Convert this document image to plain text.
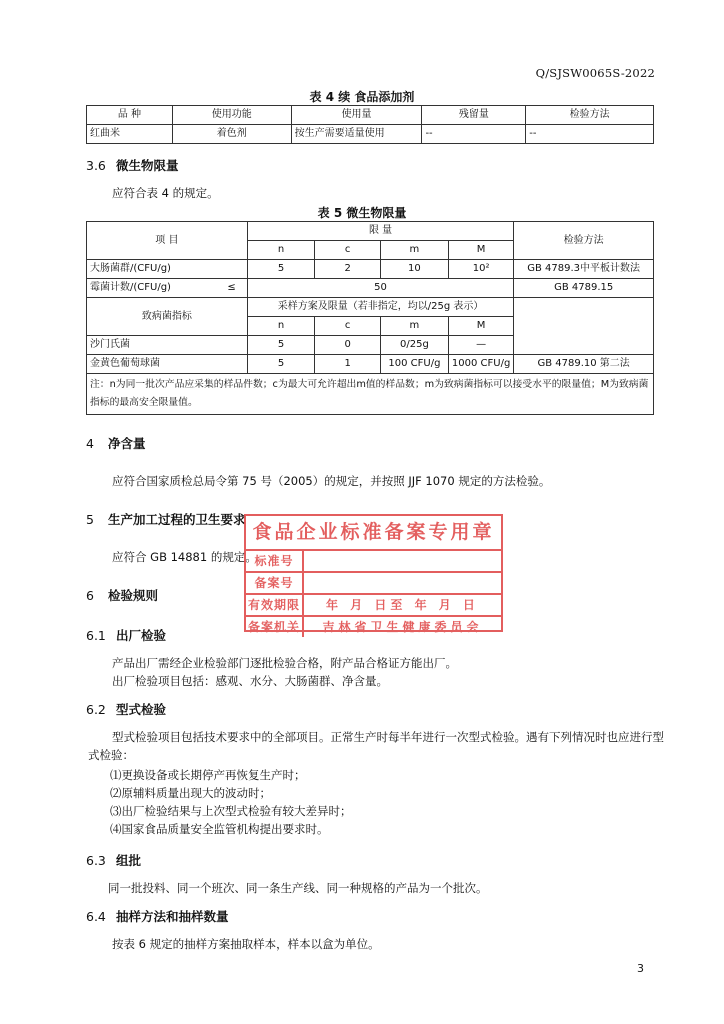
Q/SJSW0065S-2022
表 4 续 食品添加剂
品 种	使用功能	使用量	残留量	检验方法
红曲米	着色剂	按生产需要适量使用	--	--
3.6 微生物限量
应符合表 4 的规定。
表 5 微生物限量
项 目	限 量				检验方法
	n	c	m	M	
大肠菌群/(CFU/g)	5	2	10	10²	GB 4789.3中平板计数法
霉菌计数/(CFU/g) ≤	50				GB 4789.15
致病菌指标	采样方案及限量（若非指定，均以/25g 表示）				
	n	c	m	M	
沙门氏菌	5	0	0/25g	—	
金黄色葡萄球菌	5	1	100 CFU/g	1000 CFU/g	GB 4789.10 第二法
注：n为同一批次产品应采集的样品件数；c为最大可允许超出m值的样品数；m为致病菌指标可以接受水平的限量值；M为致病菌指标的最高安全限量值。					
4 净含量
应符合国家质检总局令第 75 号（2005）的规定，并按照 JJF 1070 规定的方法检验。
5 生产加工过程的卫生要求
应符合 GB 14881 的规定。
食品企业标准备案专用章
标准号
备案号
有效期限	年 月 日至 年 月 日
备案机关	吉林省卫生健康委员会
6 检验规则
6.1 出厂检验
产品出厂需经企业检验部门逐批检验合格，附产品合格证方能出厂。
出厂检验项目包括：感观、水分、大肠菌群、净含量。
6.2 型式检验
型式检验项目包括技术要求中的全部项目。正常生产时每半年进行一次型式检验。遇有下列情况时也应进行型式检验：
⑴更换设备或长期停产再恢复生产时；
⑵原辅料质量出现大的波动时；
⑶出厂检验结果与上次型式检验有较大差异时；
⑷国家食品质量安全监管机构提出要求时。
6.3 组批
同一批投料、同一个班次、同一条生产线、同一种规格的产品为一个批次。
6.4 抽样方法和抽样数量
按表 6 规定的抽样方案抽取样本，样本以盒为单位。
3
